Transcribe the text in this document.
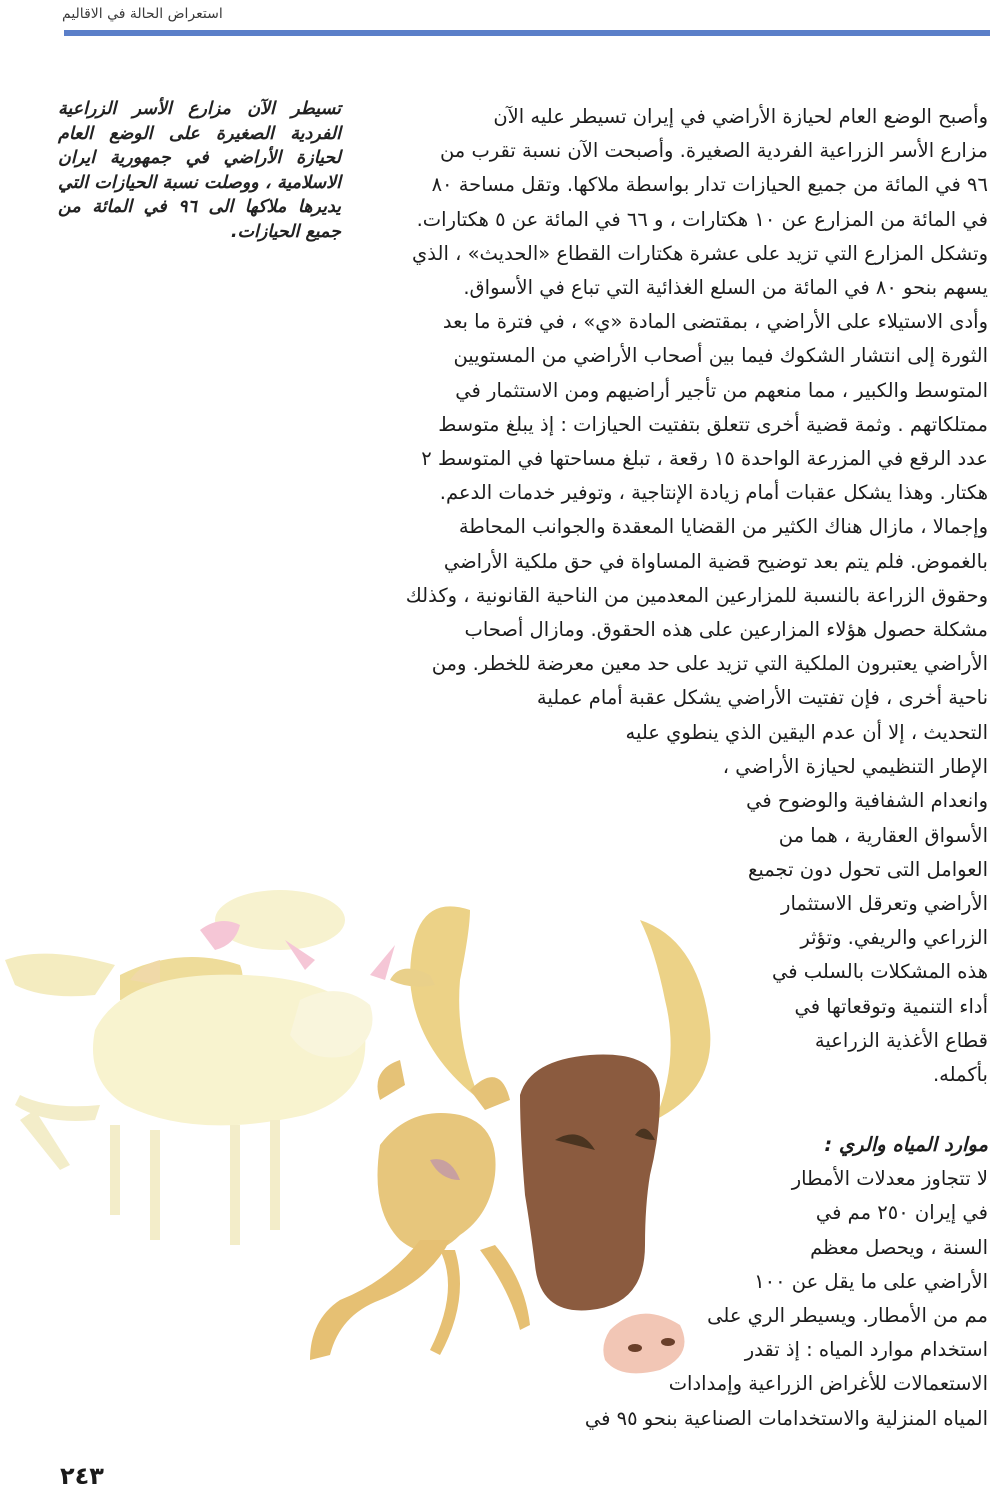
استعراض الحالة في الاقاليم
تسيطر الآن مزارع الأسر الزراعية الفردية الصغيرة على الوضع العام لحيازة الأراضي في جمهورية ايران الاسلامية ، ووصلت نسبة الحيازات التي يديرها ملاكها الى ٩٦ في المائة من جميع الحيازات.
وأصبح الوضع العام لحيازة الأراضي في إيران تسيطر عليه الآن
مزارع الأسر الزراعية الفردية الصغيرة. وأصبحت الآن نسبة تقرب من
٩٦ في المائة من جميع الحيازات تدار بواسطة ملاكها. وتقل مساحة ٨٠
في المائة من المزارع عن ١٠ هكتارات ، و ٦٦ في المائة عن ٥ هكتارات.
وتشكل المزارع التي تزيد على عشرة هكتارات القطاع «الحديث» ، الذي
يسهم بنحو ٨٠ في المائة من السلع الغذائية التي تباع في الأسواق.
وأدى الاستيلاء على الأراضي ، بمقتضى المادة «ي» ، في فترة ما بعد
الثورة إلى انتشار الشكوك فيما بين أصحاب الأراضي من المستويين
المتوسط والكبير ، مما منعهم من تأجير أراضيهم ومن الاستثمار في
ممتلكاتهم . وثمة قضية أخرى تتعلق بتفتيت الحيازات : إذ يبلغ متوسط
عدد الرقع في المزرعة الواحدة ١٥ رقعة ، تبلغ مساحتها في المتوسط ٢
هكتار. وهذا يشكل عقبات أمام زيادة الإنتاجية ، وتوفير خدمات الدعم.
وإجمالا ، مازال هناك الكثير من القضايا المعقدة والجوانب المحاطة
بالغموض. فلم يتم بعد توضيح قضية المساواة في حق ملكية الأراضي
وحقوق الزراعة بالنسبة للمزارعين المعدمين من الناحية القانونية ، وكذلك
مشكلة حصول هؤلاء المزارعين على هذه الحقوق. ومازال أصحاب
الأراضي يعتبرون الملكية التي تزيد على حد معين معرضة للخطر. ومن
ناحية أخرى ، فإن تفتيت الأراضي يشكل عقبة أمام عملية
التحديث ، إلا أن عدم اليقين الذي ينطوي عليه
الإطار التنظيمي لحيازة الأراضي ،
وانعدام الشفافية والوضوح في
الأسواق العقارية ، هما من
العوامل التى تحول دون تجميع
الأراضي وتعرقل الاستثمار
الزراعي والريفي. وتؤثر
هذه المشكلات بالسلب في
أداء التنمية وتوقعاتها في
قطاع الأغذية الزراعية
بأكمله.
موارد المياه والري :
لا تتجاوز معدلات الأمطار
في إيران ٢٥٠ مم في
السنة ، ويحصل معظم
الأراضي على ما يقل عن ١٠٠
مم من الأمطار. ويسيطر الري على
استخدام موارد المياه : إذ تقدر
الاستعمالات للأغراض الزراعية وإمدادات
المياه المنزلية والاستخدامات الصناعية بنحو ٩٥ في
٢٤٣
